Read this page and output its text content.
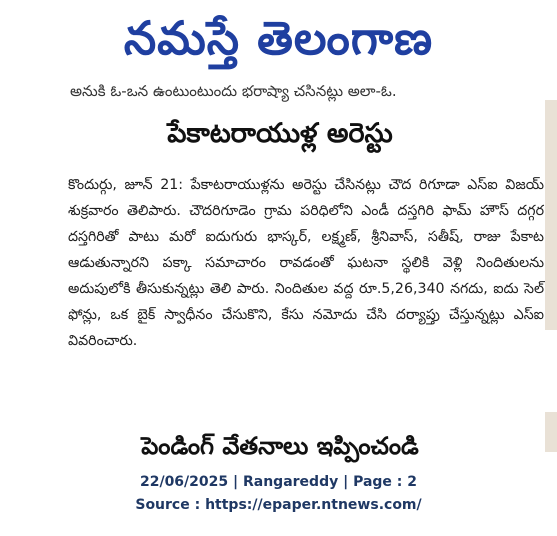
నమస్తే తెలంగాణ
అనుకి ఓ-ఒన ఉంటుంటుందు భరాష్యా చసినట్లు అలా-ఓ.
పేకాటరాయుళ్ల అరెస్టు
కొందుర్గు, జూన్ 21: పేకాటరాయుళ్లను అరెస్టు చేసినట్లు చౌద రిగూడా ఎస్ఐ విజయ్ శుక్రవారం తెలిపారు. చౌదరిగూడెం గ్రామ పరిధిలోని ఎండీ దస్తగిరి ఫామ్ హౌస్ దగ్గర దస్తగిరితో పాటు మరో ఐదుగురు భాస్కర్, లక్ష్మణ్, శ్రీనివాస్, సతీష్, రాజు పేకాట ఆడుతున్నారని పక్కా సమాచారం రావడంతో ఘటనా స్థలికి వెళ్లి నిందితులను అదుపులోకి తీసుకున్నట్లు తెలి పారు. నిందితుల వద్ద రూ.5,26,340 నగదు, ఐదు సెల్ ఫోన్లు, ఒక బైక్ స్వాధీనం చేసుకొని, కేసు నమోదు చేసి దర్యాప్తు చేస్తున్నట్లు ఎస్ఐ వివరించారు.
పెండింగ్ వేతనాలు ఇప్పించండి
22/06/2025 | Rangareddy | Page : 2
Source : https://epaper.ntnews.com/
